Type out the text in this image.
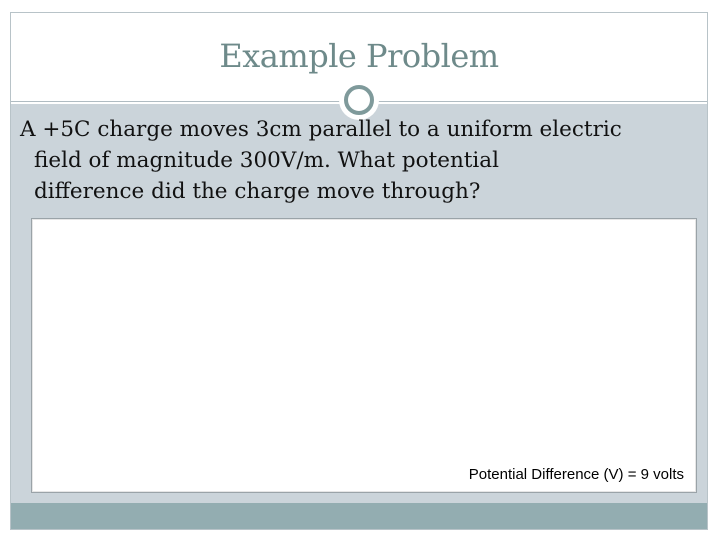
Example Problem
A +5C charge moves 3cm parallel to a uniform electric
field of magnitude 300V/m. What potential
difference did the charge move through?
Potential Difference (V) = 9 volts
